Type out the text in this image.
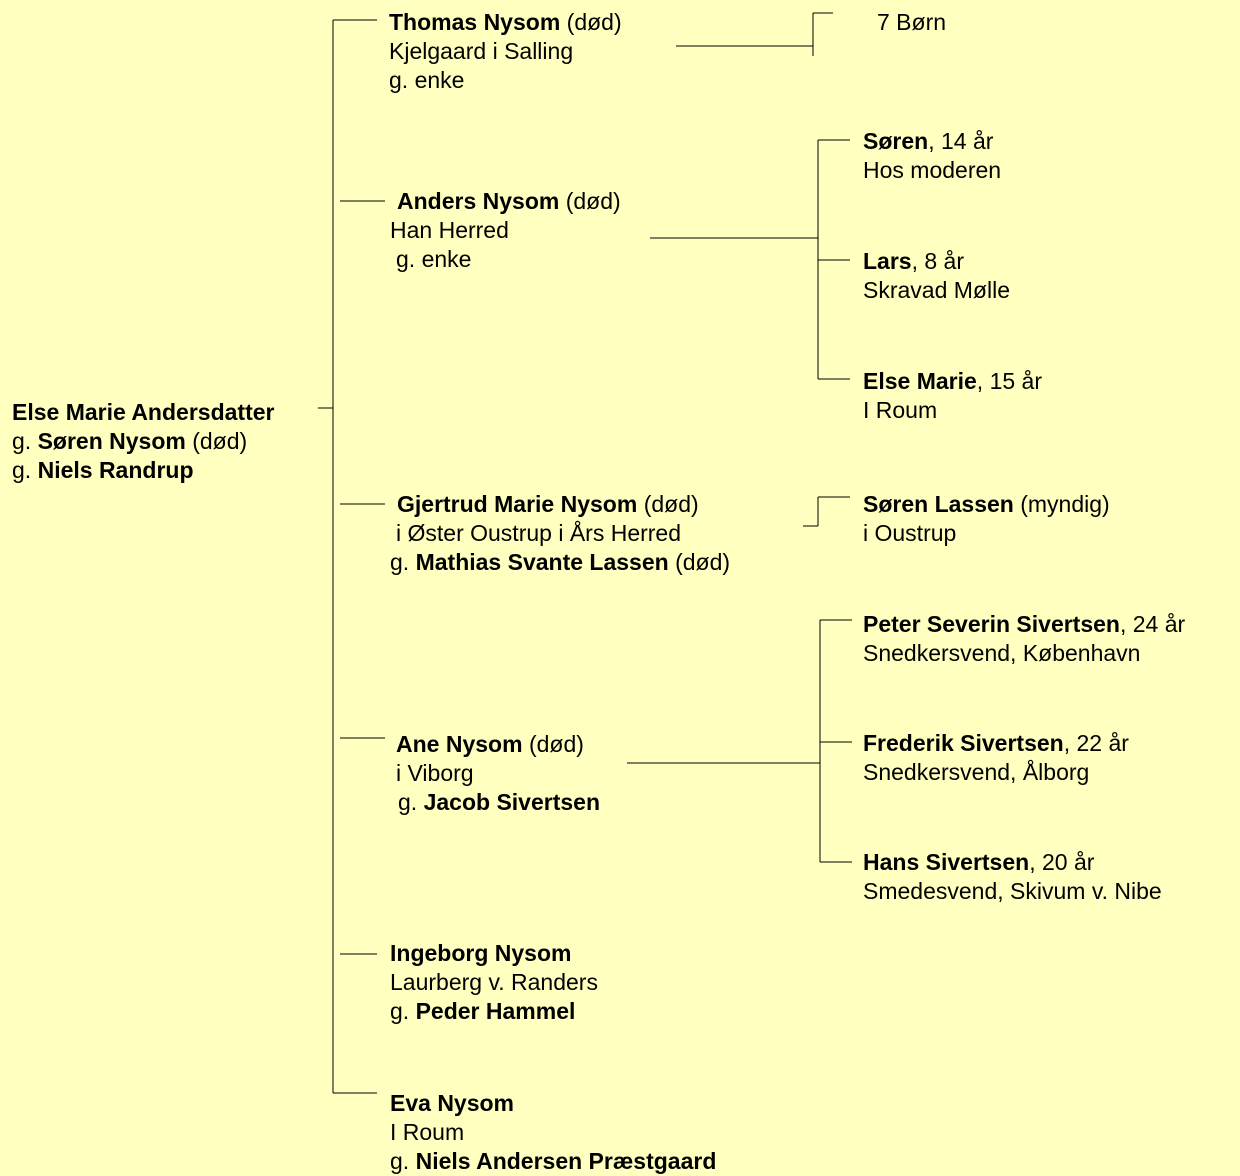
Else Marie Andersdatter
g. Søren Nysom (død)
g. Niels Randrup
Thomas Nysom (død)
Kjelgaard i Salling
g. enke
Anders Nysom (død)
Han Herred
g. enke
Gjertrud Marie Nysom (død)
i Øster Oustrup i Års Herred
g. Mathias Svante Lassen (død)
Ane Nysom (død)
i Viborg
g. Jacob Sivertsen
Ingeborg Nysom
Laurberg v. Randers
g. Peder Hammel
Eva Nysom
I Roum
g. Niels Andersen Præstgaard
7 Børn
Søren, 14 år
Hos moderen
Lars, 8 år
Skravad Mølle
Else Marie, 15 år
I Roum
Søren Lassen (myndig)
i Oustrup
Peter Severin Sivertsen, 24 år
Snedkersvend, København
Frederik Sivertsen, 22 år
Snedkersvend, Ålborg
Hans Sivertsen, 20 år
Smedesvend, Skivum v. Nibe
